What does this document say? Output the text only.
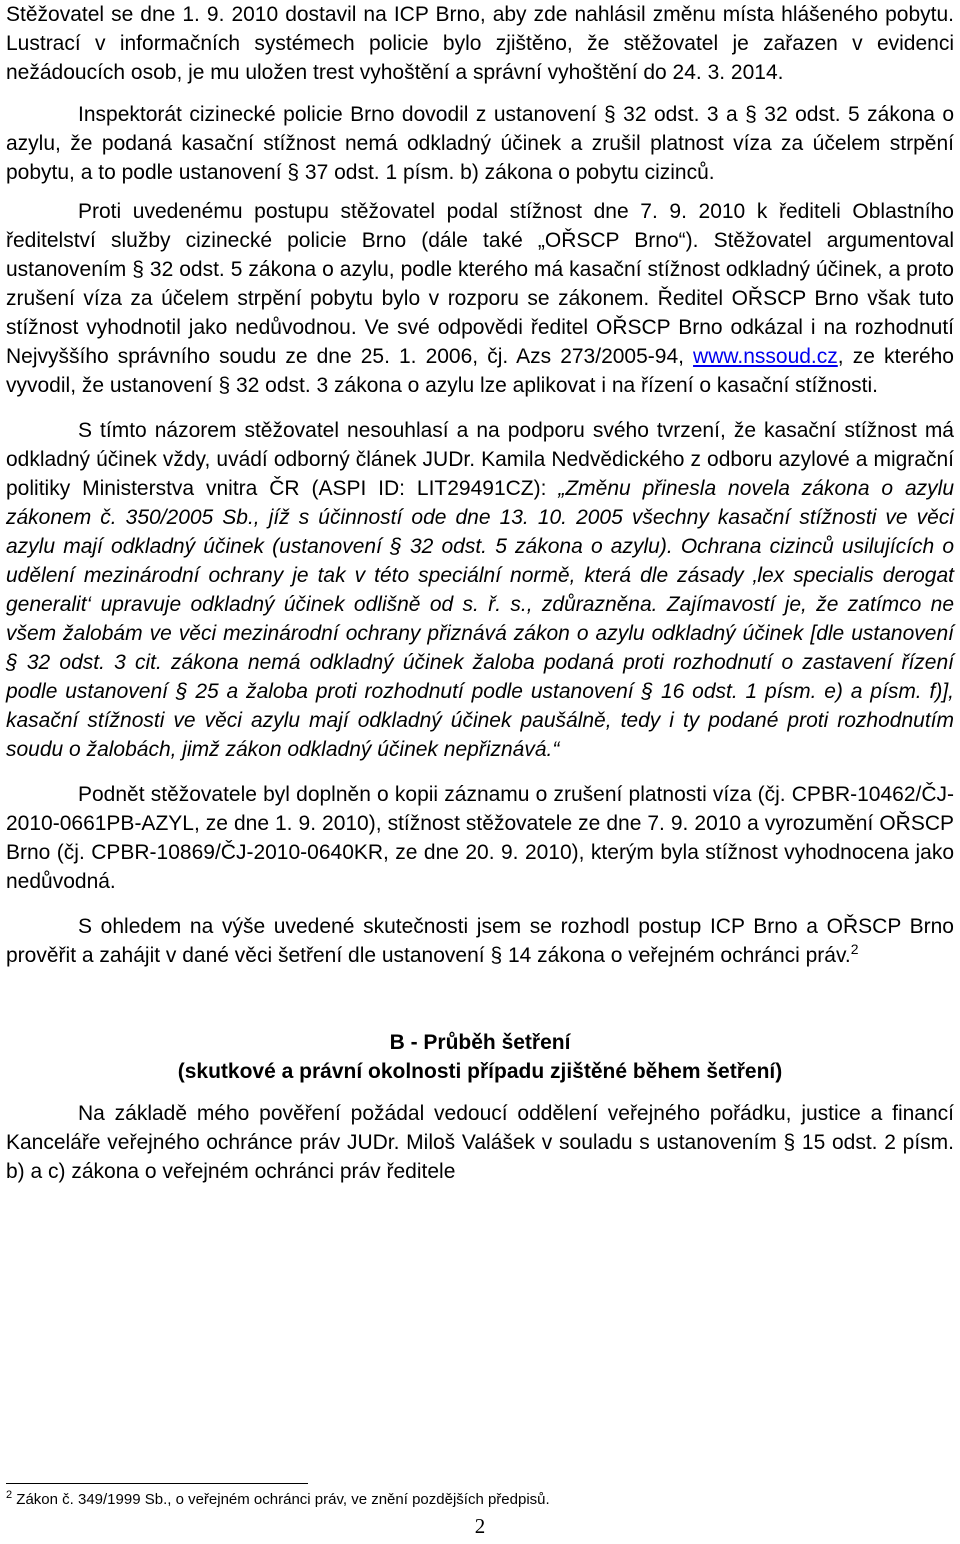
Stěžovatel se dne 1. 9. 2010 dostavil na ICP Brno, aby zde nahlásil změnu místa hlášeného pobytu. Lustrací v informačních systémech policie bylo zjištěno, že stěžovatel je zařazen v evidenci nežádoucích osob, je mu uložen trest vyhoštění a správní vyhoštění do 24. 3. 2014.

Inspektorát cizinecké policie Brno dovodil z ustanovení § 32 odst. 3 a § 32 odst. 5 zákona o azylu, že podaná kasační stížnost nemá odkladný účinek a zrušil platnost víza za účelem strpění pobytu, a to podle ustanovení § 37 odst. 1 písm. b) zákona o pobytu cizinců.

Proti uvedenému postupu stěžovatel podal stížnost dne 7. 9. 2010 k řediteli Oblastního ředitelství služby cizinecké policie Brno (dále také „OŘSCP Brno“). Stěžovatel argumentoval ustanovením § 32 odst. 5 zákona o azylu, podle kterého má kasační stížnost odkladný účinek, a proto zrušení víza za účelem strpění pobytu bylo v rozporu se zákonem. Ředitel OŘSCP Brno však tuto stížnost vyhodnotil jako nedůvodnou. Ve své odpovědi ředitel OŘSCP Brno odkázal i na rozhodnutí Nejvyššího správního soudu ze dne 25. 1. 2006, čj. Azs 273/2005-94, www.nssoud.cz, ze kterého vyvodil, že ustanovení § 32 odst. 3 zákona o azylu lze aplikovat i na řízení o kasační stížnosti.

S tímto názorem stěžovatel nesouhlasí a na podporu svého tvrzení, že kasační stížnost má odkladný účinek vždy, uvádí odborný článek JUDr. Kamila Nedvědického z odboru azylové a migrační politiky Ministerstva vnitra ČR (ASPI ID: LIT29491CZ): „Změnu přinesla novela zákona o azylu zákonem č. 350/2005 Sb., jíž s účinností ode dne 13. 10. 2005 všechny kasační stížnosti ve věci azylu mají odkladný účinek (ustanovení § 32 odst. 5 zákona o azylu). Ochrana cizinců usilujících o udělení mezinárodní ochrany je tak v této speciální normě, která dle zásady ‚lex specialis derogat generalit‘ upravuje odkladný účinek odlišně od s. ř. s., zdůrazněna. Zajímavostí je, že zatímco ne všem žalobám ve věci mezinárodní ochrany přiznává zákon o azylu odkladný účinek [dle ustanovení § 32 odst. 3 cit. zákona nemá odkladný účinek žaloba podaná proti rozhodnutí o zastavení řízení podle ustanovení § 25 a žaloba proti rozhodnutí podle ustanovení § 16 odst. 1 písm. e) a písm. f)], kasační stížnosti ve věci azylu mají odkladný účinek paušálně, tedy i ty podané proti rozhodnutím soudu o žalobách, jimž zákon odkladný účinek nepřiznává.“

Podnět stěžovatele byl doplněn o kopii záznamu o zrušení platnosti víza (čj. CPBR-10462/ČJ-2010-0661PB-AZYL, ze dne 1. 9. 2010), stížnost stěžovatele ze dne 7. 9. 2010 a vyrozumění OŘSCP Brno (čj. CPBR-10869/ČJ-2010-0640KR, ze dne 20. 9. 2010), kterým byla stížnost vyhodnocena jako nedůvodná.

S ohledem na výše uvedené skutečnosti jsem se rozhodl postup ICP Brno a OŘSCP Brno prověřit a zahájit v dané věci šetření dle ustanovení § 14 zákona o veřejném ochránci práv.$^2$

B - Průběh šetření

(skutkové a právní okolnosti případu zjištěné během šetření)

Na základě mého pověření požádal vedoucí oddělení veřejného pořádku, justice a financí Kanceláře veřejného ochránce práv JUDr. Miloš Valášek v souladu s ustanovením § 15 odst. 2 písm. b) a c) zákona o veřejném ochránci práv ředitele

$^2$ Zákon č. 349/1999 Sb., o veřejném ochránci práv, ve znění pozdějších předpisů.
2
